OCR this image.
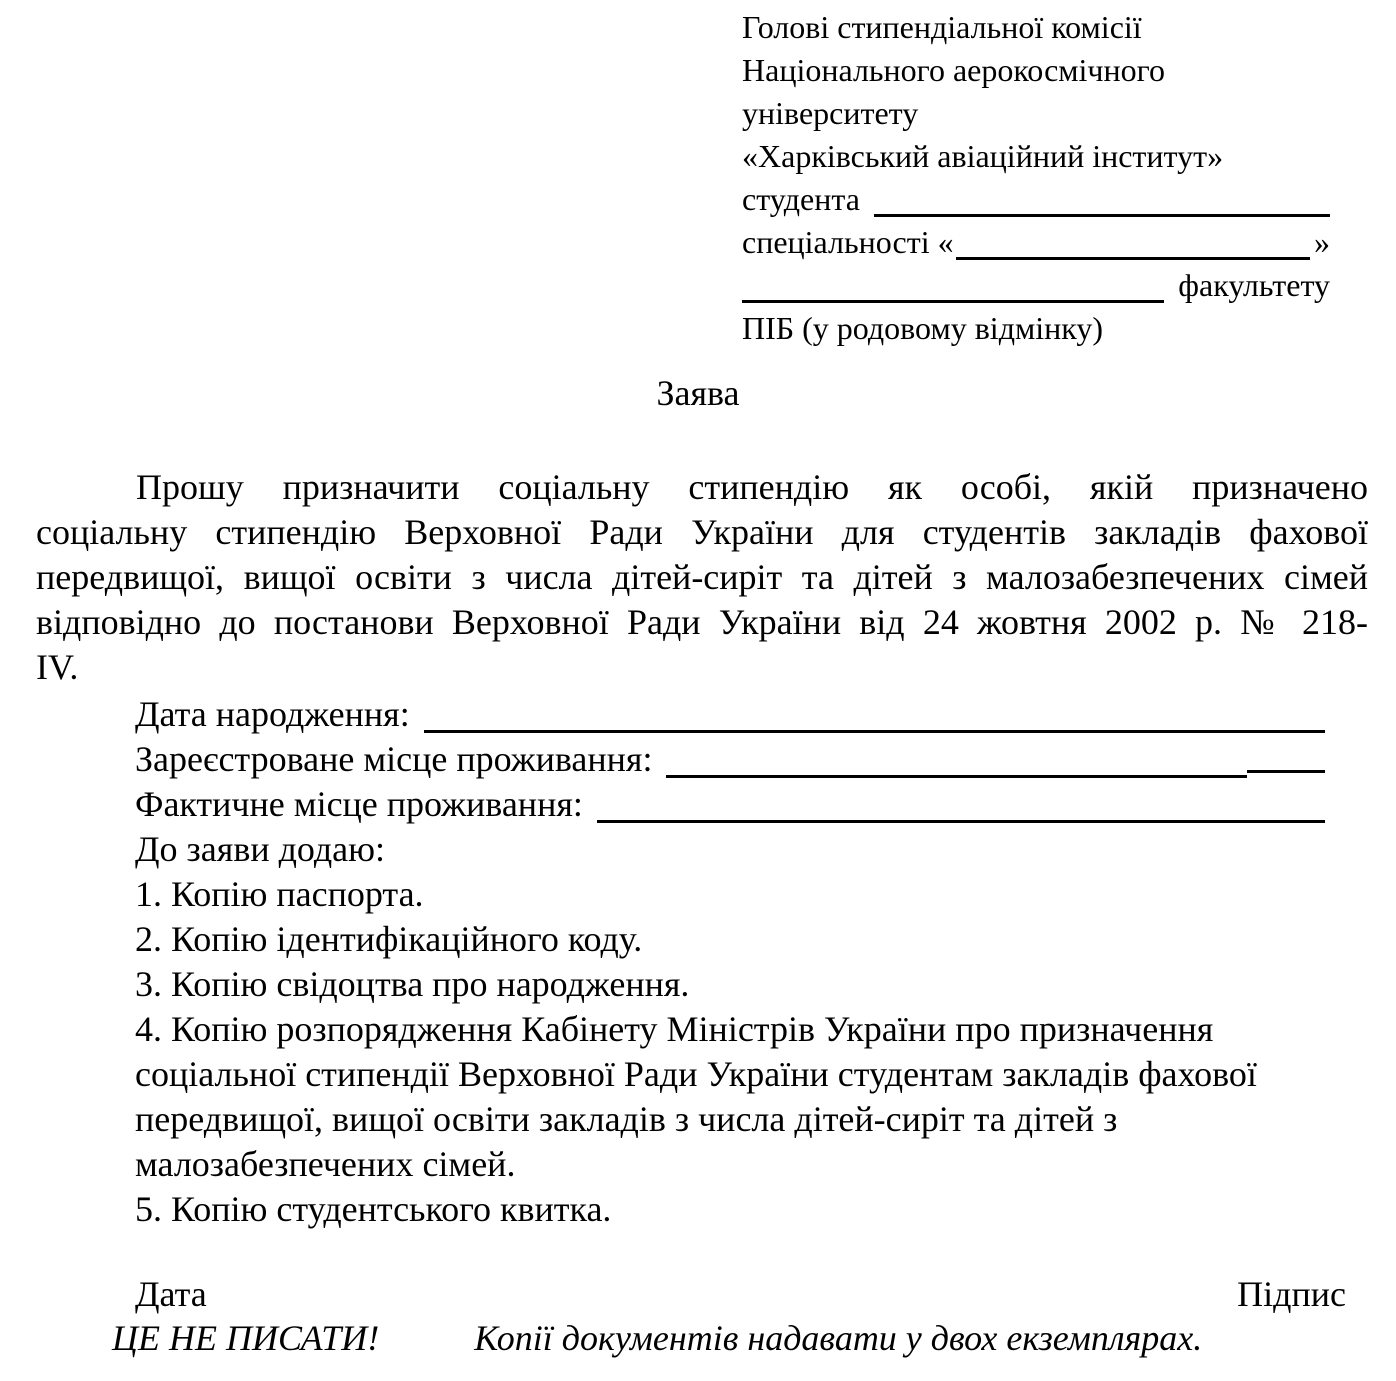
Голові стипендіальної комісії
Національного аерокосмічного
університету
«Харківський авіаційний інститут»
студента
спеціальності «	»
факультету
ПІБ (у родовому відмінку)
Заява
Прошу призначити соціальну стипендію як особі, якій призначено
соціальну стипендію Верховної Ради України для студентів закладів фахової
передвищої, вищої освіти з числа дітей-сиріт та дітей з малозабезпечених сімей
відповідно до постанови Верховної Ради України від 24 жовтня 2002 р. № 218-
IV.
Дата народження:
Зареєстроване місце проживання:
Фактичне місце проживання:
До заяви додаю:
1. Копію паспорта.
2. Копію ідентифікаційного коду.
3. Копію свідоцтва про народження.
4. Копію розпорядження Кабінету Міністрів України про призначення соціальної стипендії Верховної Ради України студентам закладів фахової передвищої, вищої освіти закладів з числа дітей-сиріт та дітей з малозабезпечених сімей.
5. Копію студентського квитка.
Дата	Підпис
ЦЕ НЕ ПИСАТИ!	Копії документів надавати у двох екземплярах.
